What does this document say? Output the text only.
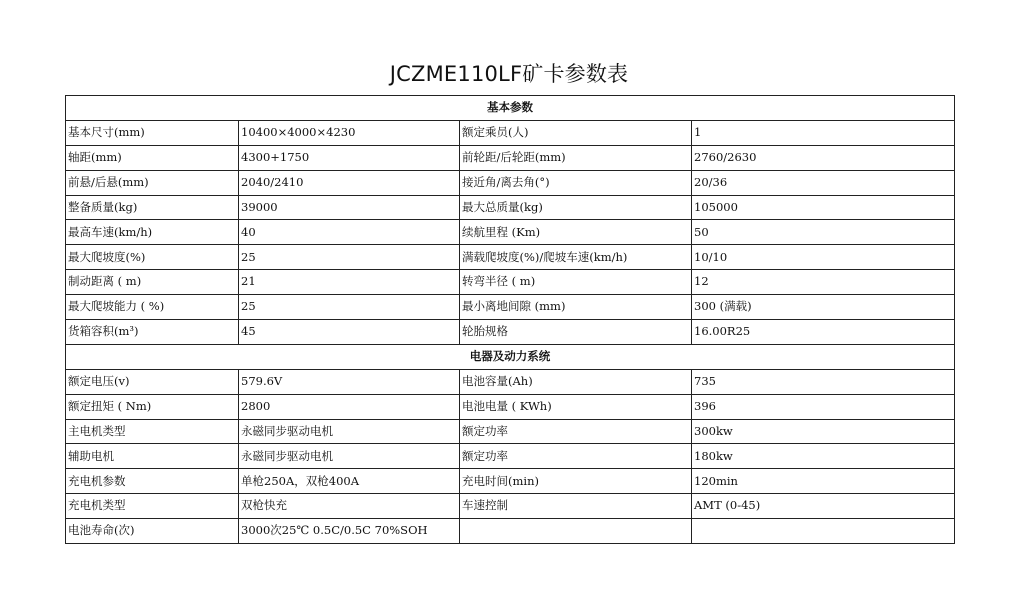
JCZME110LF矿卡参数表
基本参数			
基本尺寸(mm)	10400×4000×4230	额定乘员(人)	1
轴距(mm)	4300+1750	前轮距/后轮距(mm)	2760/2630
前悬/后悬(mm)	2040/2410	接近角/离去角(°)	20/36
整备质量(kg)	39000	最大总质量(kg)	105000
最高车速(km/h)	40	续航里程 (Km)	50
最大爬坡度(%)	25	满载爬坡度(%)/爬坡车速(km/h)	10/10
制动距离 ( m)	21	转弯半径 ( m)	12
最大爬坡能力 ( %)	25	最小离地间隙 (mm)	300 (满载)
货箱容积(m³)	45	轮胎规格	16.00R25
电器及动力系统			
额定电压(v)	579.6V	电池容量(Ah)	735
额定扭矩 ( Nm)	2800	电池电量 ( KWh)	396
主电机类型	永磁同步驱动电机	额定功率	300kw
辅助电机	永磁同步驱动电机	额定功率	180kw
充电机参数	单枪250A，双枪400A	充电时间(min)	120min
充电机类型	双枪快充	车速控制	AMT (0-45)
电池寿命(次)	3000次25℃ 0.5C/0.5C 70%SOH		
